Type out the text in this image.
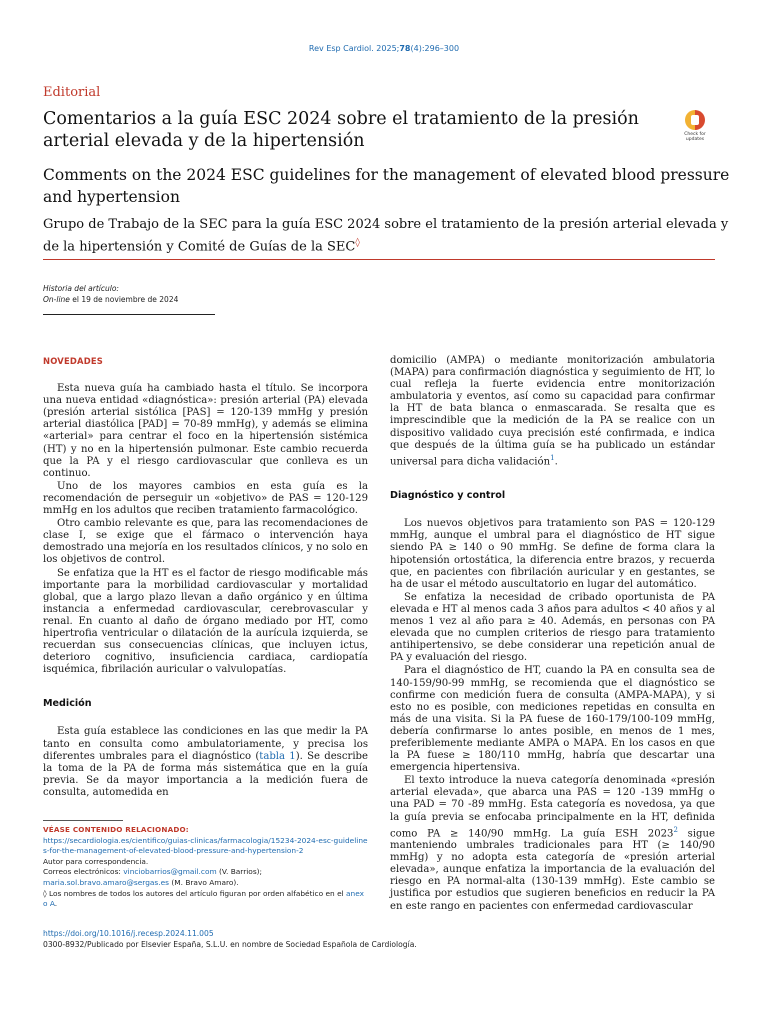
Rev Esp Cardiol. 2025;78(4):296–300
Editorial
Comentarios a la guía ESC 2024 sobre el tratamiento de la presión arterial elevada y de la hipertensión	Check for
updates
Comments on the 2024 ESC guidelines for the management of elevated blood pressure and hypertension
Grupo de Trabajo de la SEC para la guía ESC 2024 sobre el tratamiento de la presión arterial elevada y de la hipertensión y Comité de Guías de la SEC◊
Historia del artículo:
On-line el 19 de noviembre de 2024
NOVEDADES

Esta nueva guía ha cambiado hasta el título. Se incorpora una nueva entidad «diagnóstica»: presión arterial (PA) elevada (presión arterial sistólica [PAS] = 120-139 mmHg y presión arterial diastólica [PAD] = 70-89 mmHg), y además se elimina «arterial» para centrar el foco en la hipertensión sistémica (HT) y no en la hipertensión pulmonar. Este cambio recuerda que la PA y el riesgo cardiovascular que conlleva es un continuo.

Uno de los mayores cambios en esta guía es la recomendación de perseguir un «objetivo» de PAS = 120-129 mmHg en los adultos que reciben tratamiento farmacológico.

Otro cambio relevante es que, para las recomendaciones de clase I, se exige que el fármaco o intervención haya demostrado una mejoría en los resultados clínicos, y no solo en los objetivos de control.

Se enfatiza que la HT es el factor de riesgo modificable más importante para la morbilidad cardiovascular y mortalidad global, que a largo plazo llevan a daño orgánico y en última instancia a enfermedad cardiovascular, cerebrovascular y renal. En cuanto al daño de órgano mediado por HT, como hipertrofia ventricular o dilatación de la aurícula izquierda, se recuerdan sus consecuencias clínicas, que incluyen ictus, deterioro cognitivo, insuficiencia cardiaca, cardiopatía isquémica, fibrilación auricular o valvulopatías.

Medición

Esta guía establece las condiciones en las que medir la PA tanto en consulta como ambulatoriamente, y precisa los diferentes umbrales para el diagnóstico (tabla 1). Se describe la toma de la PA de forma más sistemática que en la guía previa. Se da mayor importancia a la medición fuera de consulta, automedida en

VÉASE CONTENIDO RELACIONADO:
https://secardiologia.es/cientifico/guias-clinicas/farmacologia/15234-2024-esc-guidelines-for-the-management-of-elevated-blood-pressure-and-hypertension-2
Autor para correspondencia.
Correos electrónicos: vinciobarrios@gmail.com (V. Barrios);
maria.sol.bravo.amaro@sergas.es (M. Bravo Amaro).
◊ Los nombres de todos los autores del artículo figuran por orden alfabético en el anexo A.

domicilio (AMPA) o mediante monitorización ambulatoria (MAPA) para confirmación diagnóstica y seguimiento de HT, lo cual refleja la fuerte evidencia entre monitorización ambulatoria y eventos, así como su capacidad para confirmar la HT de bata blanca o enmascarada. Se resalta que es imprescindible que la medición de la PA se realice con un dispositivo validado cuya precisión esté confirmada, e indica que después de la última guía se ha publicado un estándar universal para dicha validación$^1$.

Diagnóstico y control

Los nuevos objetivos para tratamiento son PAS = 120-129 mmHg, aunque el umbral para el diagnóstico de HT sigue siendo PA ≥ 140 o 90 mmHg. Se define de forma clara la hipotensión ortostática, la diferencia entre brazos, y recuerda que, en pacientes con fibrilación auricular y en gestantes, se ha de usar el método auscultatorio en lugar del automático.

Se enfatiza la necesidad de cribado oportunista de PA elevada e HT al menos cada 3 años para adultos < 40 años y al menos 1 vez al año para ≥ 40. Además, en personas con PA elevada que no cumplen criterios de riesgo para tratamiento antihipertensivo, se debe considerar una repetición anual de PA y evaluación del riesgo.

Para el diagnóstico de HT, cuando la PA en consulta sea de 140-159/90-99 mmHg, se recomienda que el diagnóstico se confirme con medición fuera de consulta (AMPA-MAPA), y si esto no es posible, con mediciones repetidas en consulta en más de una visita. Si la PA fuese de 160-179/100-109 mmHg, debería confirmarse lo antes posible, en menos de 1 mes, preferiblemente mediante AMPA o MAPA. En los casos en que la PA fuese ≥ 180/110 mmHg, habría que descartar una emergencia hipertensiva.

El texto introduce la nueva categoría denominada «presión arterial elevada», que abarca una PAS = 120 -139 mmHg o una PAD = 70 -89 mmHg. Esta categoría es novedosa, ya que la guía previa se enfocaba principalmente en la HT, definida como PA ≥ 140/90 mmHg. La guía ESH 2023$^2$ sigue manteniendo umbrales tradicionales para HT (≥ 140/90 mmHg) y no adopta esta categoría de «presión arterial elevada», aunque enfatiza la importancia de la evaluación del riesgo en PA normal-alta (130-139 mmHg). Este cambio se justifica por estudios que sugieren beneficios en reducir la PA en este rango en pacientes con enfermedad cardiovascular

https://doi.org/10.1016/j.recesp.2024.11.005
0300-8932/Publicado por Elsevier España, S.L.U. en nombre de Sociedad Española de Cardiología.
